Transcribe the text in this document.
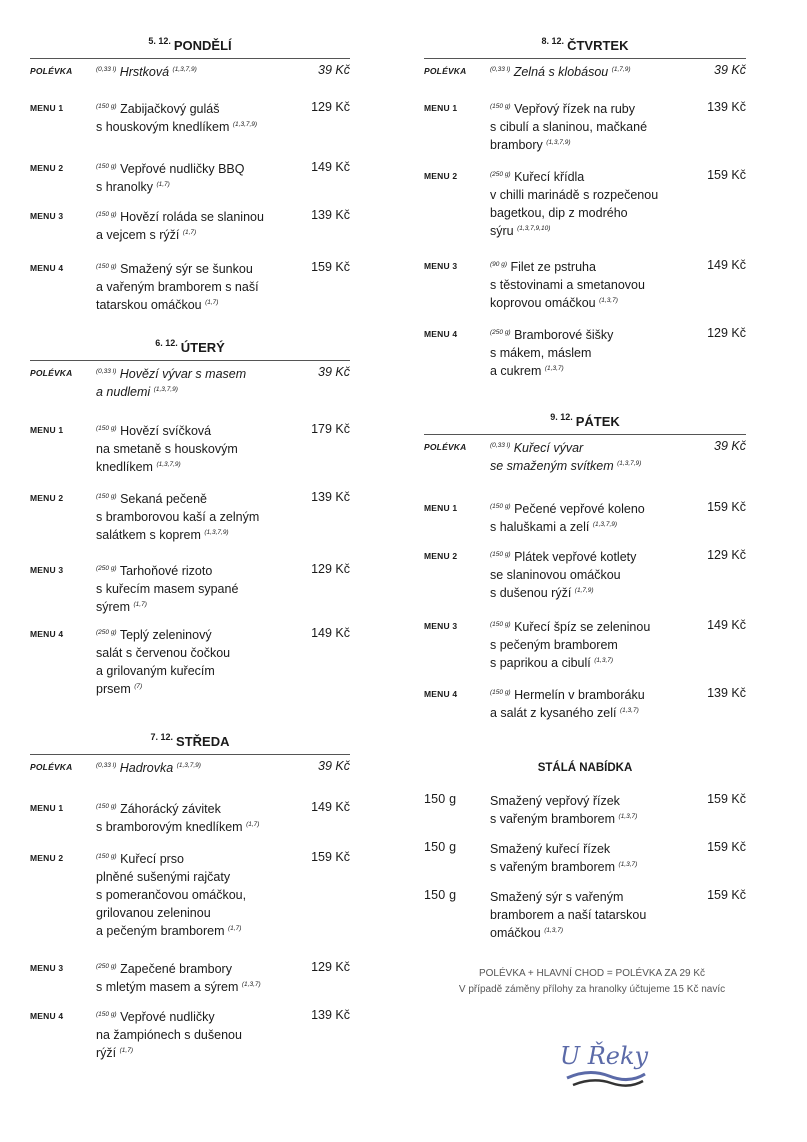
$^{5. 12.}$ PONDĚLÍ
POLÉVKA	$^{(0,33 l)}$ Hrstková $^{(1,3,7,9)}$	39 Kč
MENU 1	$^{(150 g)}$ Zabijačkový guláš
s houskovým knedlíkem $^{(1,3,7,9)}$
129 Kč
MENU 2	$^{(150 g)}$ Vepřové nudličky BBQ
s hranolky $^{(1,7)}$
149 Kč
MENU 3	$^{(150 g)}$ Hovězí roláda se slaninou
a vejcem s rýží $^{(1,7)}$
139 Kč
MENU 4	$^{(150 g)}$ Smažený sýr se šunkou
a vařeným bramborem s naší
tatarskou omáčkou $^{(1,7)}$
159 Kč
$^{6. 12.}$ ÚTERÝ
POLÉVKA	$^{(0,33 l)}$ Hovězí vývar s masem
a nudlemi $^{(1,3,7,9)}$
39 Kč
MENU 1	$^{(150 g)}$ Hovězí svíčková
na smetaně s houskovým
knedlíkem $^{(1,3,7,9)}$
179 Kč
MENU 2	$^{(150 g)}$ Sekaná pečeně
s bramborovou kaší a zelným
salátkem s koprem $^{(1,3,7,9)}$
139 Kč
MENU 3	$^{(250 g)}$ Tarhoňové rizoto
s kuřecím masem sypané
sýrem $^{(1,7)}$
129 Kč
MENU 4	$^{(250 g)}$ Teplý zeleninový
salát s červenou čočkou
a grilovaným kuřecím
prsem $^{(7)}$
149 Kč
$^{7. 12.}$ STŘEDA
POLÉVKA	$^{(0,33 l)}$ Hadrovka $^{(1,3,7,9)}$	39 Kč
MENU 1	$^{(150 g)}$ Záhorácký závitek
s bramborovým knedlíkem $^{(1,7)}$
149 Kč
MENU 2	$^{(150 g)}$ Kuřecí prso
plněné sušenými rajčaty
s pomerančovou omáčkou,
grilovanou zeleninou
a pečeným bramborem $^{(1,7)}$
159 Kč
MENU 3	$^{(250 g)}$ Zapečené brambory
s mletým masem a sýrem $^{(1,3,7)}$
129 Kč
MENU 4	$^{(150 g)}$ Vepřové nudličky
na žampiónech s dušenou
rýží $^{(1,7)}$
139 Kč
$^{8. 12.}$ ČTVRTEK
POLÉVKA	$^{(0,33 l)}$ Zelná s klobásou $^{(1,7,9)}$	39 Kč
MENU 1	$^{(150 g)}$ Vepřový řízek na ruby
s cibulí a slaninou, mačkané
brambory $^{(1,3,7,9)}$
139 Kč
MENU 2	$^{(250 g)}$ Kuřecí křídla
v chilli marinádě s rozpečenou
bagetkou, dip z modrého
sýru $^{(1,3,7,9,10)}$
159 Kč
MENU 3	$^{(90 g)}$ Filet ze pstruha
s těstovinami a smetanovou
koprovou omáčkou $^{(1,3,7)}$
149 Kč
MENU 4	$^{(250 g)}$ Bramborové šišky
s mákem, máslem
a cukrem $^{(1,3,7)}$
129 Kč
$^{9. 12.}$ PÁTEK
POLÉVKA	$^{(0,33 l)}$ Kuřecí vývar
se smaženým svítkem $^{(1,3,7,9)}$
39 Kč
MENU 1	$^{(150 g)}$ Pečené vepřové koleno
s haluškami a zelí $^{(1,3,7,9)}$
159 Kč
MENU 2	$^{(150 g)}$ Plátek vepřové kotlety
se slaninovou omáčkou
s dušenou rýží $^{(1,7,9)}$
129 Kč
MENU 3	$^{(150 g)}$ Kuřecí špíz se zeleninou
s pečeným bramborem
s paprikou a cibulí $^{(1,3,7)}$
149 Kč
MENU 4	$^{(150 g)}$ Hermelín v bramboráku
a salát z kysaného zelí $^{(1,3,7)}$
139 Kč
STÁLÁ NABÍDKA
150 g	Smažený vepřový řízek
s vařeným bramborem $^{(1,3,7)}$
159 Kč
150 g	Smažený kuřecí řízek
s vařeným bramborem $^{(1,3,7)}$
159 Kč
150 g	Smažený sýr s vařeným
bramborem a naší tatarskou
omáčkou $^{(1,3,7)}$
159 Kč
POLÉVKA + HLAVNÍ CHOD = POLÉVKA ZA 29 Kč
V případě záměny přílohy za hranolky účtujeme 15 Kč navíc
U Řeky
